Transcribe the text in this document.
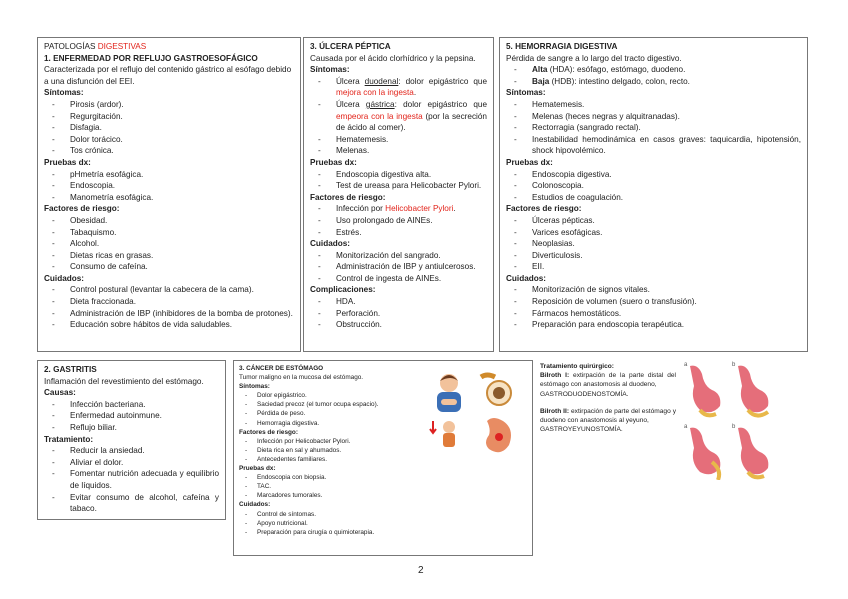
PATOLOGÍAS DIGESTIVAS

1. ENFERMEDAD POR REFLUJO GASTROESOFÁGICO

Caracterizada por el reflujo del contenido gástrico al esófago debido a una disfunción del EEI.

Síntomas:

- Pirosis (ardor).
- Regurgitación.
- Disfagia.
- Dolor torácico.
- Tos crónica.

Pruebas dx:

- pHmetría esofágica.
- Endoscopia.
- Manometría esofágica.

Factores de riesgo:

- Obesidad.
- Tabaquismo.
- Alcohol.
- Dietas ricas en grasas.
- Consumo de cafeína.

Cuidados:

- Control postural (levantar la cabecera de la cama).
- Dieta fraccionada.
- Administración de IBP (inhibidores de la bomba de protones).
- Educación sobre hábitos de vida saludables.

3. ÚLCERA PÉPTICA

Causada por el ácido clorhídrico y la pepsina.

Síntomas:

- Úlcera duodenal: dolor epigástrico que mejora con la ingesta.
- Úlcera gástrica: dolor epigástrico que empeora con la ingesta (por la secreción de ácido al comer).
- Hematemesis.
- Melenas.

Pruebas dx:

- Endoscopia digestiva alta.
- Test de ureasa para Helicobacter Pylori.

Factores de riesgo:

- Infección por Helicobacter Pylori.
- Uso prolongado de AINEs.
- Estrés.

Cuidados:

- Monitorización del sangrado.
- Administración de IBP y antiulcerosos.
- Control de ingesta de AINEs.

Complicaciones:

- HDA.
- Perforación.
- Obstrucción.

5. HEMORRAGIA DIGESTIVA

Pérdida de sangre a lo largo del tracto digestivo.

- Alta (HDA): esófago, estómago, duodeno.
- Baja (HDB): intestino delgado, colon, recto.

Síntomas:

- Hematemesis.
- Melenas (heces negras y alquitranadas).
- Rectorragia (sangrado rectal).
- Inestabilidad hemodinámica en casos graves: taquicardia, hipotensión, shock hipovolémico.

Pruebas dx:

- Endoscopia digestiva.
- Colonoscopia.
- Estudios de coagulación.

Factores de riesgo:

- Úlceras pépticas.
- Varices esofágicas.
- Neoplasias.
- Diverticulosis.
- EII.

Cuidados:

- Monitorización de signos vitales.
- Reposición de volumen (suero o transfusión).
- Fármacos hemostáticos.
- Preparación para endoscopia terapéutica.

2. GASTRITIS

Inflamación del revestimiento del estómago.

Causas:

- Infección bacteriana.
- Enfermedad autoinmune.
- Reflujo biliar.

Tratamiento:

- Reducir la ansiedad.
- Aliviar el dolor.
- Fomentar nutrición adecuada y equilibrio de líquidos.
- Evitar consumo de alcohol, cafeína y tabaco.

3. CÁNCER DE ESTÓMAGO

Tumor maligno en la mucosa del estómago.

Síntomas:

- Dolor epigástrico.
- Saciedad precoz (el tumor ocupa espacio).
- Pérdida de peso.
- Hemorragia digestiva.

Factores de riesgo:

- Infección por Helicobacter Pylori.
- Dieta rica en sal y ahumados.
- Antecedentes familiares.

Pruebas dx:

- Endoscopia con biopsia.
- TAC.
- Marcadores tumorales.

Cuidados:

- Control de síntomas.
- Apoyo nutricional.
- Preparación para cirugía o quimioterapia.

Tratamiento quirúrgico:

Bilroth I: extirpación de la parte distal del estómago con anastomosis al duodeno,

GASTRODUODENOSTOMÍA.

Bilroth II: extirpación de parte del estómago y duodeno con anastomosis al yeyuno,

GASTROYEYUNOSTOMÍA.

a	b
a	b
2
